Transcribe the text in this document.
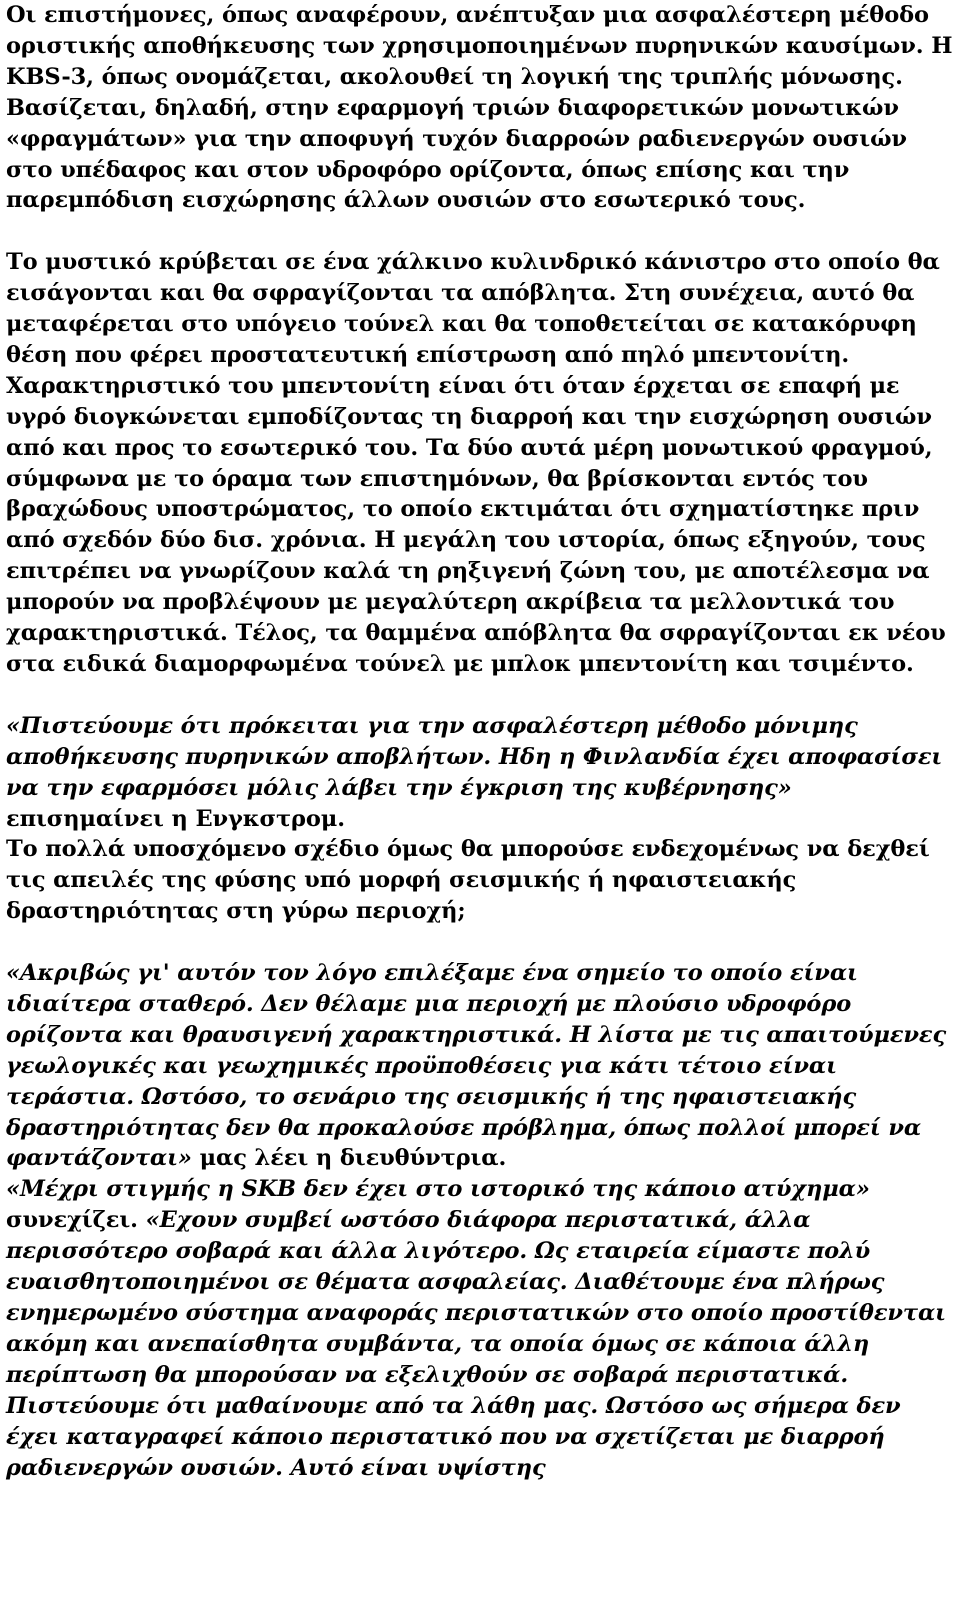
Οι επιστήμονες, όπως αναφέρουν, ανέπτυξαν μια ασφαλέστερη μέθοδο οριστικής αποθήκευσης των χρησιμοποιημένων πυρηνικών καυσίμων. Η KBS-3, όπως ονομάζεται, ακολουθεί τη λογική της τριπλής μόνωσης. Βασίζεται, δηλαδή, στην εφαρμογή τριών διαφορετικών μονωτικών «φραγμάτων» για την αποφυγή τυχόν διαρροών ραδιενεργών ουσιών στο υπέδαφος και στον υδροφόρο ορίζοντα, όπως επίσης και την παρεμπόδιση εισχώρησης άλλων ουσιών στο εσωτερικό τους.

Το μυστικό κρύβεται σε ένα χάλκινο κυλινδρικό κάνιστρο στο οποίο θα εισάγονται και θα σφραγίζονται τα απόβλητα. Στη συνέχεια, αυτό θα μεταφέρεται στο υπόγειο τούνελ και θα τοποθετείται σε κατακόρυφη θέση που φέρει προστατευτική επίστρωση από πηλό μπεντονίτη. Χαρακτηριστικό του μπεντονίτη είναι ότι όταν έρχεται σε επαφή με υγρό διογκώνεται εμποδίζοντας τη διαρροή και την εισχώρηση ουσιών από και προς το εσωτερικό του. Τα δύο αυτά μέρη μονωτικού φραγμού, σύμφωνα με το όραμα των επιστημόνων, θα βρίσκονται εντός του βραχώδους υποστρώματος, το οποίο εκτιμάται ότι σχηματίστηκε πριν από σχεδόν δύο δισ. χρόνια. Η μεγάλη του ιστορία, όπως εξηγούν, τους επιτρέπει να γνωρίζουν καλά τη ρηξιγενή ζώνη του, με αποτέλεσμα να μπορούν να προβλέψουν με μεγαλύτερη ακρίβεια τα μελλοντικά του χαρακτηριστικά. Τέλος, τα θαμμένα απόβλητα θα σφραγίζονται εκ νέου στα ειδικά διαμορφωμένα τούνελ με μπλοκ μπεντονίτη και τσιμέντο.

«Πιστεύουμε ότι πρόκειται για την ασφαλέστερη μέθοδο μόνιμης αποθήκευσης πυρηνικών αποβλήτων. Ηδη η Φινλανδία έχει αποφασίσει να την εφαρμόσει μόλις λάβει την έγκριση της κυβέρνησης» επισημαίνει η Ενγκστρομ.

Το πολλά υποσχόμενο σχέδιο όμως θα μπορούσε ενδεχομένως να δεχθεί τις απειλές της φύσης υπό μορφή σεισμικής ή ηφαιστειακής δραστηριότητας στη γύρω περιοχή;

«Ακριβώς γι' αυτόν τον λόγο επιλέξαμε ένα σημείο το οποίο είναι ιδιαίτερα σταθερό. Δεν θέλαμε μια περιοχή με πλούσιο υδροφόρο ορίζοντα και θραυσιγενή χαρακτηριστικά. Η λίστα με τις απαιτούμενες γεωλογικές και γεωχημικές προϋποθέσεις για κάτι τέτοιο είναι τεράστια. Ωστόσο, το σενάριο της σεισμικής ή της ηφαιστειακής δραστηριότητας δεν θα προκαλούσε πρόβλημα, όπως πολλοί μπορεί να φαντάζονται» μας λέει η διευθύντρια.

«Μέχρι στιγμής η SKB δεν έχει στο ιστορικό της κάποιο ατύχημα» συνεχίζει. «Εχουν συμβεί ωστόσο διάφορα περιστατικά, άλλα περισσότερο σοβαρά και άλλα λιγότερο. Ως εταιρεία είμαστε πολύ ευαισθητοποιημένοι σε θέματα ασφαλείας. Διαθέτουμε ένα πλήρως ενημερωμένο σύστημα αναφοράς περιστατικών στο οποίο προστίθενται ακόμη και ανεπαίσθητα συμβάντα, τα οποία όμως σε κάποια άλλη περίπτωση θα μπορούσαν να εξελιχθούν σε σοβαρά περιστατικά. Πιστεύουμε ότι μαθαίνουμε από τα λάθη μας. Ωστόσο ως σήμερα δεν έχει καταγραφεί κάποιο περιστατικό που να σχετίζεται με διαρροή ραδιενεργών ουσιών. Αυτό είναι υψίστης
